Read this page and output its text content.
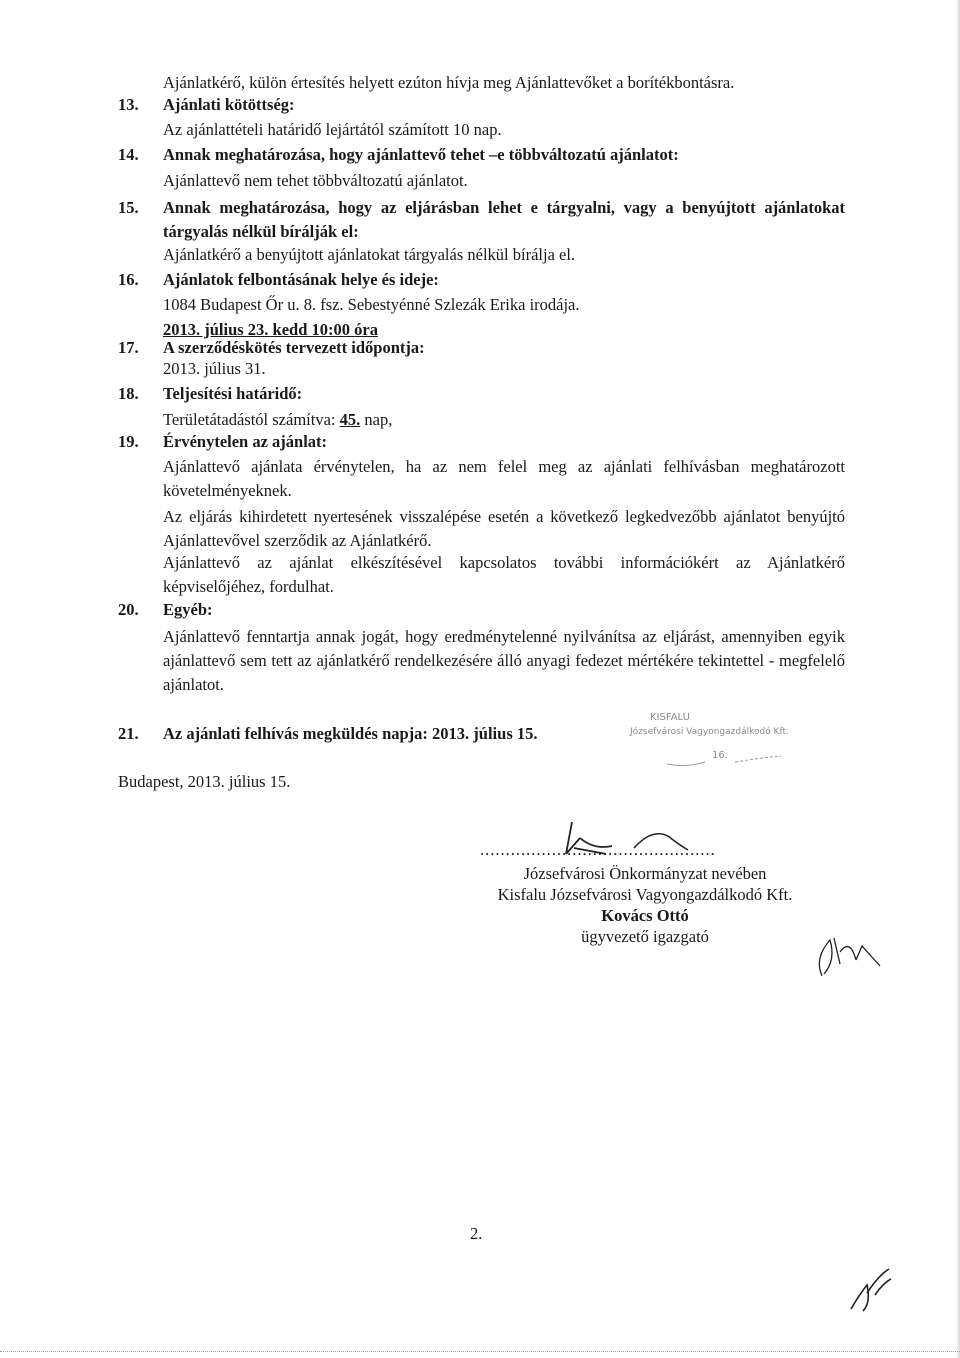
Ajánlatkérő, külön értesítés helyett ezúton hívja meg Ajánlattevőket a borítékbontásra.
13. Ajánlati kötöttség:
Az ajánlattételi határidő lejártától számított 10 nap.
14. Annak meghatározása, hogy ajánlattevő tehet –e többváltozatú ajánlatot:
Ajánlattevő nem tehet többváltozatú ajánlatot.
15. Annak meghatározása, hogy az eljárásban lehet e tárgyalni, vagy a benyújtott ajánlatokat tárgyalás nélkül bírálják el:
Ajánlatkérő a benyújtott ajánlatokat tárgyalás nélkül bírálja el.
16. Ajánlatok felbontásának helye és ideje:
1084 Budapest Őr u. 8. fsz. Sebestyénné Szlezák Erika irodája.
2013. július 23. kedd 10:00 óra
17. A szerződéskötés tervezett időpontja:
2013. július 31.
18. Teljesítési határidő:
Területátadástól számítva: 45. nap,
19. Érvénytelen az ajánlat:
Ajánlattevő ajánlata érvénytelen, ha az nem felel meg az ajánlati felhívásban meghatározott követelményeknek.
Az eljárás kihirdetett nyertesének visszalépése esetén a következő legkedvezőbb ajánlatot benyújtó Ajánlattevővel szerződik az Ajánlatkérő.
Ajánlattevő az ajánlat elkészítésével kapcsolatos további információkért az Ajánlatkérő képviselőjéhez, fordulhat.
20. Egyéb:
Ajánlattevő fenntartja annak jogát, hogy eredménytelenné nyilvánítsa az eljárást, amennyiben egyik ajánlattevő sem tett az ajánlatkérő rendelkezésére álló anyagi fedezet mértékére tekintettel - megfelelő ajánlatot.
21. Az ajánlati felhívás megküldés napja: 2013. július 15.
KISFALU
Józsefvárosi Vagyongazdálkodó Kft.
16.
Budapest, 2013. július 15.
..............................................
Józsefvárosi Önkormányzat nevében
Kisfalu Józsefvárosi Vagyongazdálkodó Kft.
Kovács Ottó
ügyvezető igazgató
2.
